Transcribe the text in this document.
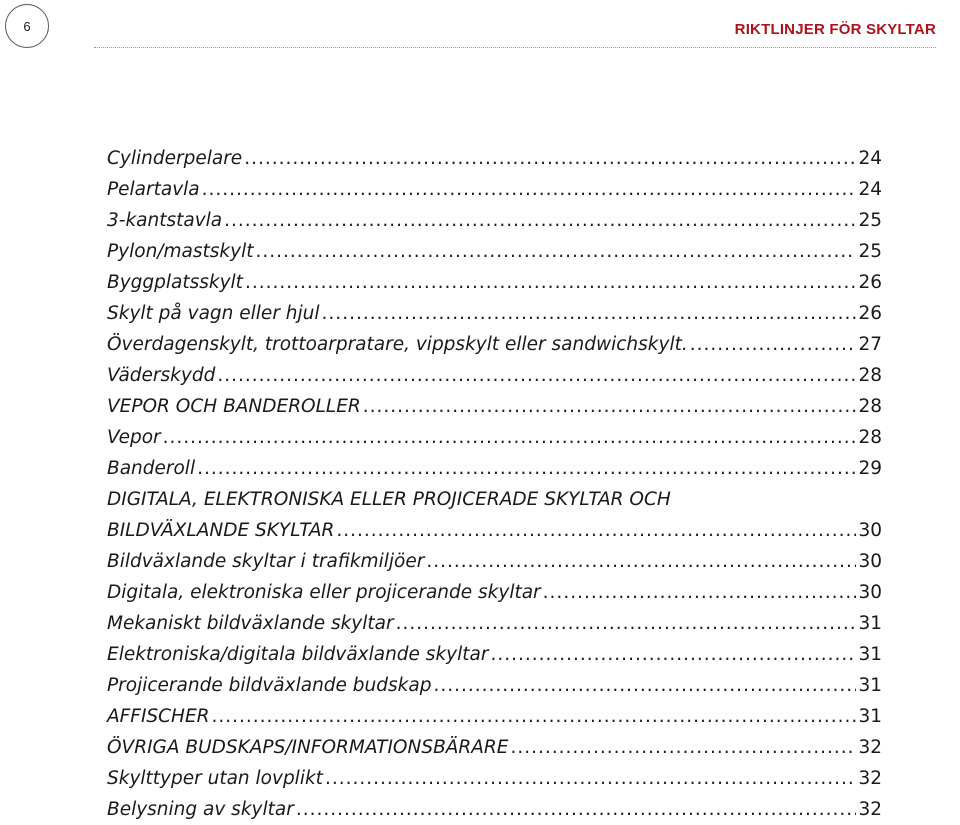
6	RIKTLINJER FÖR SKYLTAR
Cylinderpelare .....	24
Pelartavla .....	24
3-kantstavla .....	25
Pylon/mastskylt .....	25
Byggplatsskylt .....	26
Skylt på vagn eller hjul .....	26
Överdagenskylt, trottoarpratare, vippskylt eller sandwichskylt. .....	27
Väderskydd .....	28
VEPOR OCH BANDEROLLER .....	28
Vepor .....	28
Banderoll .....	29
DIGITALA, ELEKTRONISKA ELLER PROJICERADE SKYLTAR OCH
BILDVÄXLANDE SKYLTAR .....	30
Bildväxlande skyltar i trafikmiljöer .....	30
Digitala, elektroniska eller projicerande skyltar .....	30
Mekaniskt bildväxlande skyltar .....	31
Elektroniska/digitala bildväxlande skyltar .....	31
Projicerande bildväxlande budskap .....	31
AFFISCHER .....	31
ÖVRIGA BUDSKAPS/INFORMATIONSBÄRARE .....	32
Skylttyper utan lovplikt .....	32
Belysning av skyltar .....	32
